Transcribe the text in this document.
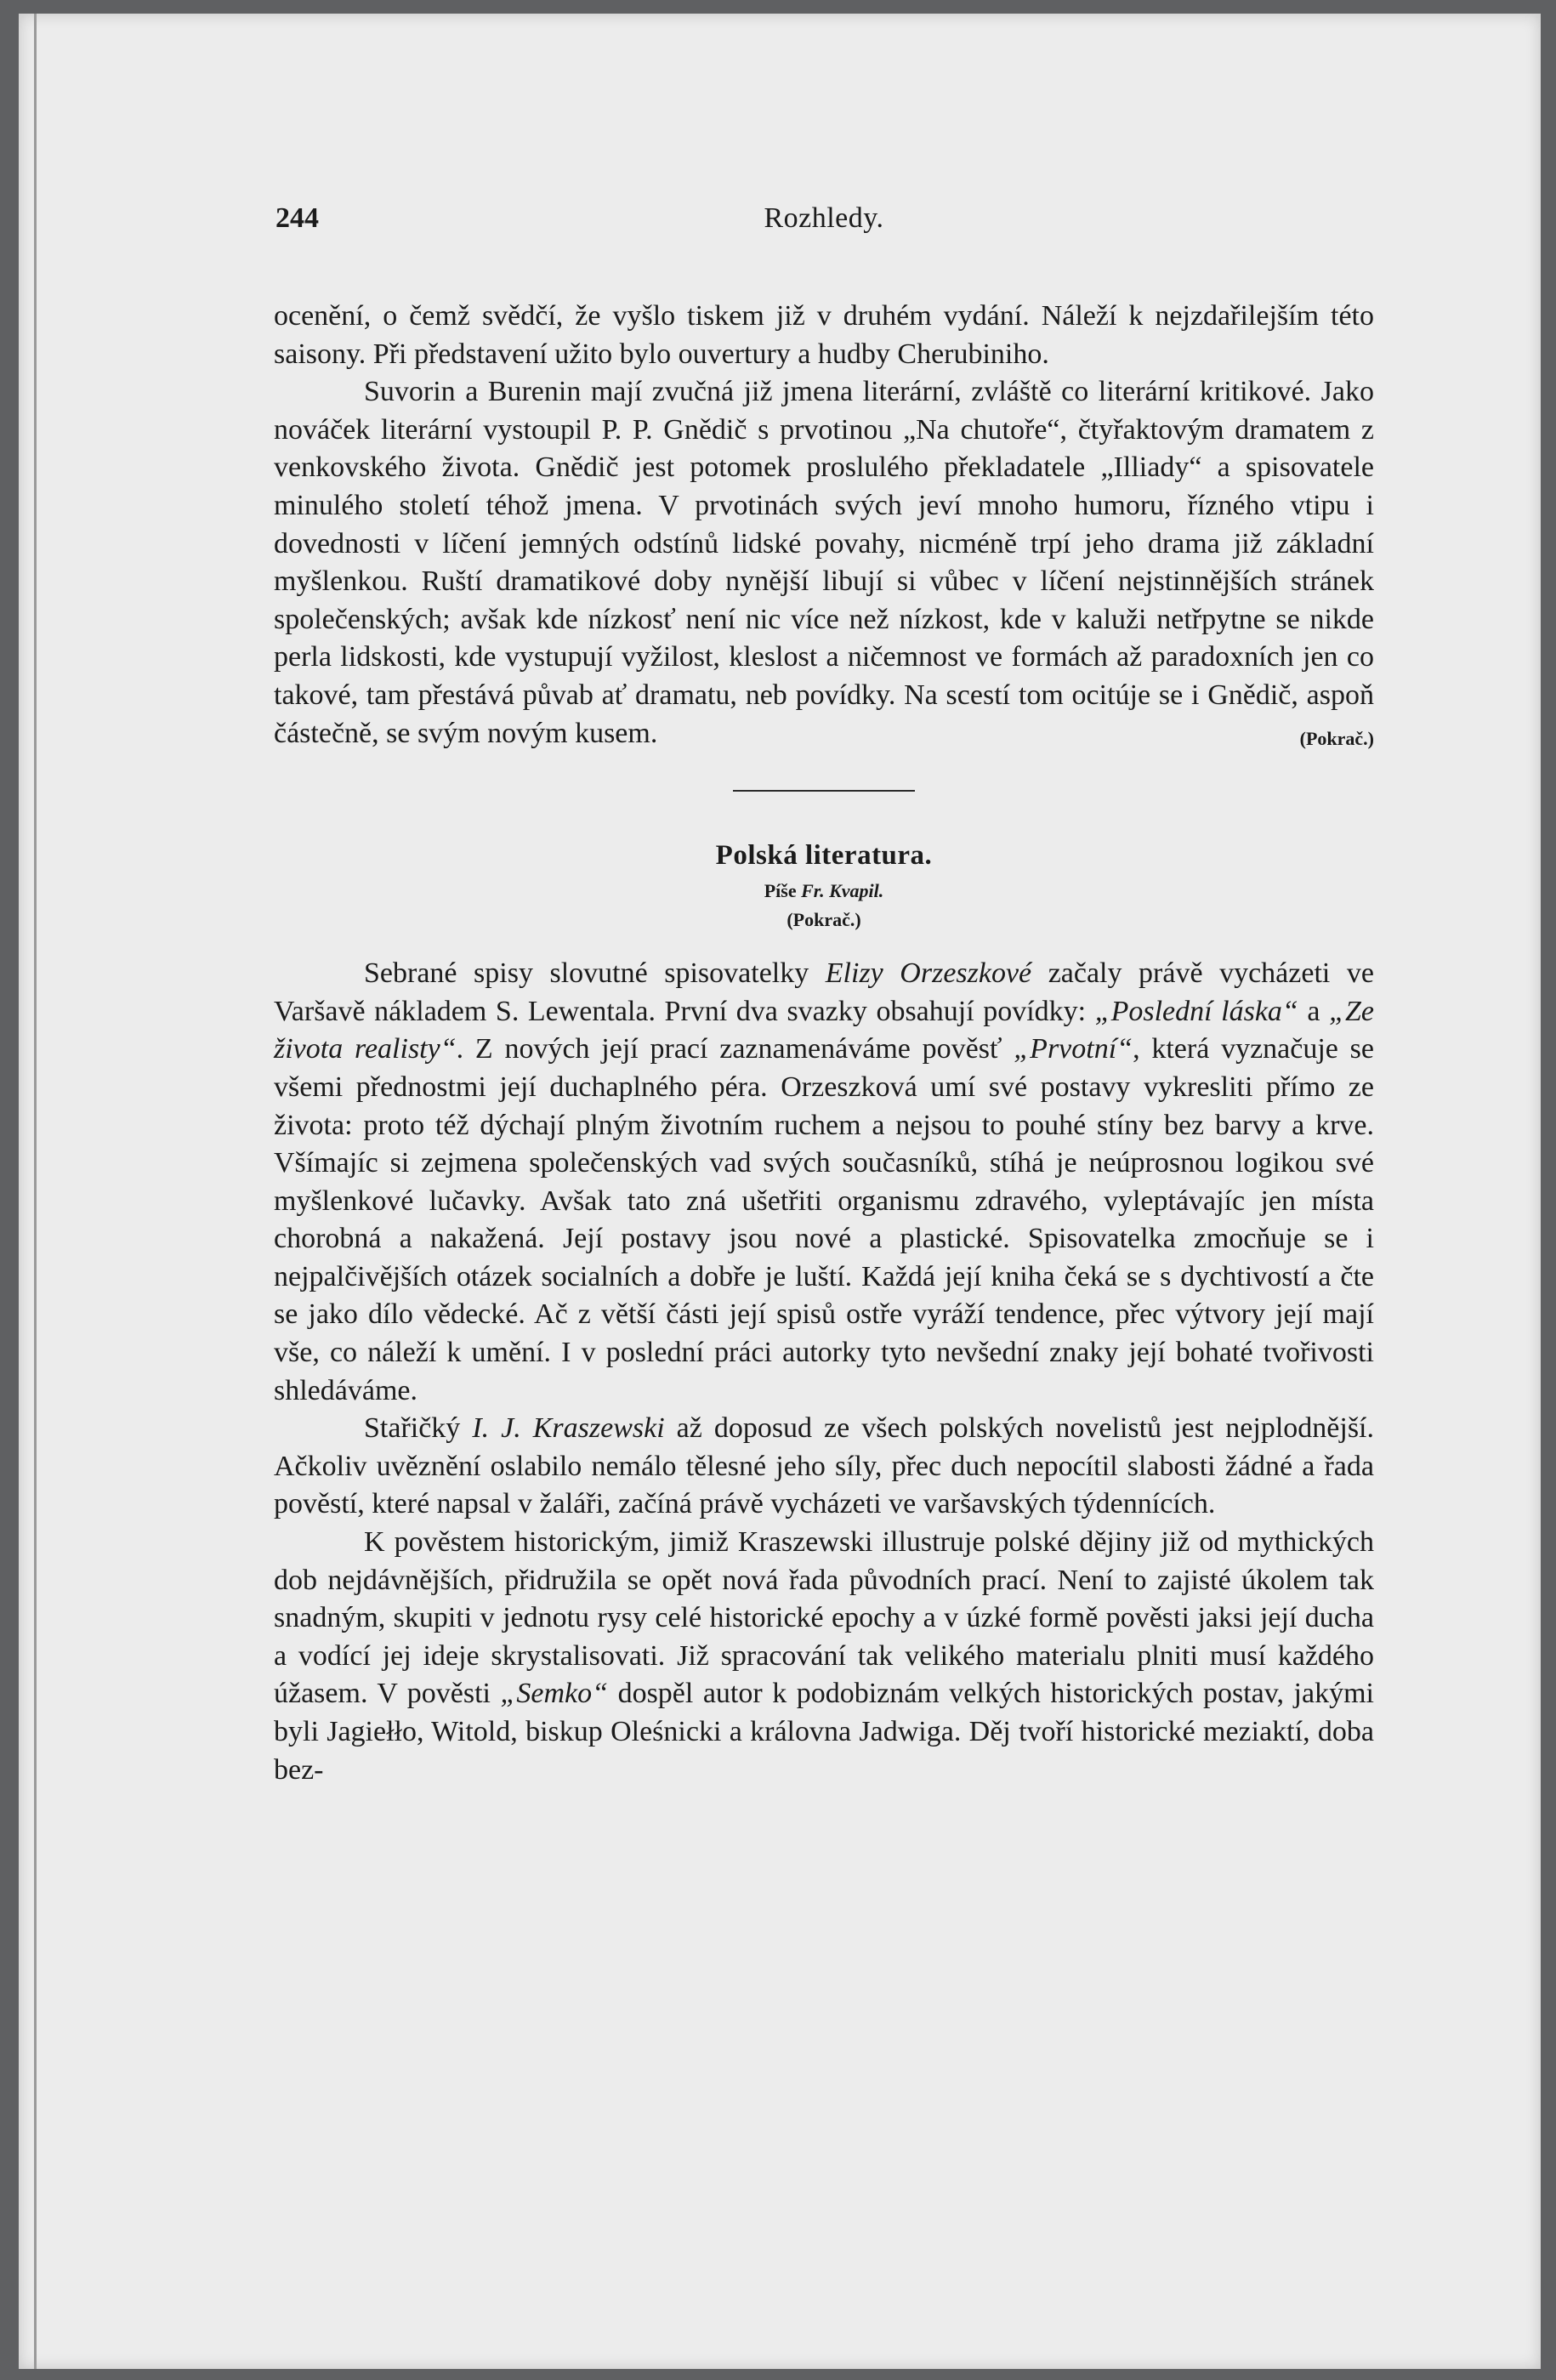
244	Rozhledy.

ocenění, o čemž svědčí, že vyšlo tiskem již v druhém vydání. Náleží k nejzdařilejším této saisony. Při představení užito bylo ouvertury a hudby Cherubiniho.

Suvorin a Burenin mají zvučná již jmena literární, zvláště co literární kritikové. Jako nováček literární vystoupil P. P. Gnědič s prvotinou „Na chutoře“, čtyřaktovým dramatem z venkovského života. Gnědič jest potomek proslulého překladatele „Illiady“ a spisovatele minulého století téhož jmena. V prvotinách svých jeví mnoho humoru, řízného vtipu i dovednosti v líčení jemných odstínů lidské povahy, nicméně trpí jeho drama již základní myšlenkou. Ruští dramatikové doby nynější libují si vůbec v líčení nejstinnějších stránek společenských; avšak kde nízkosť není nic více než nízkost, kde v kaluži netřpytne se nikde perla lidskosti, kde vystupují vyžilost, kleslost a ničemnost ve formách až paradoxních jen co takové, tam přestává půvab ať dramatu, neb povídky. Na scestí tom ocitúje se i Gnědič, aspoň částečně, se svým novým kusem.	(Pokrač.)

Polská literatura.
Píše Fr. Kvapil.
(Pokrač.)

Sebrané spisy slovutné spisovatelky Elizy Orzeszkové začaly právě vycházeti ve Varšavě nákladem S. Lewentala. První dva svazky obsahují povídky: „Poslední láska“ a „Ze života realisty“. Z nových její prací zaznamenáváme pověsť „Prvotní“, která vyznačuje se všemi přednostmi její duchaplného péra. Orzeszková umí své postavy vykresliti přímo ze života: proto též dýchají plným životním ruchem a nejsou to pouhé stíny bez barvy a krve. Všímajíc si zejmena společenských vad svých současníků, stíhá je neúprosnou logikou své myšlenkové lučavky. Avšak tato zná ušetřiti organismu zdravého, vyleptávajíc jen místa chorobná a nakažená. Její postavy jsou nové a plastické. Spisovatelka zmocňuje se i nejpalčivějších otázek socialních a dobře je luští. Každá její kniha čeká se s dychtivostí a čte se jako dílo vědecké. Ač z větší části její spisů ostře vyráží tendence, přec výtvory její mají vše, co náleží k umění. I v poslední práci autorky tyto nevšední znaky její bohaté tvořivosti shledáváme.

Stařičký I. J. Kraszewski až doposud ze všech polských novelistů jest nejplodnější. Ačkoliv uvěznění oslabilo nemálo tělesné jeho síly, přec duch nepocítil slabosti žádné a řada pověstí, které napsal v žaláři, začíná právě vycházeti ve varšavských týdennících.

K pověstem historickým, jimiž Kraszewski illustruje polské dějiny již od mythických dob nejdávnějších, přidružila se opět nová řada původních prací. Není to zajisté úkolem tak snadným, skupiti v jednotu rysy celé historické epochy a v úzké formě pověsti jaksi její ducha a vodící jej ideje skrystalisovati. Již spracování tak velikého materialu plniti musí každého úžasem. V pověsti „Semko“ dospěl autor k podobiznám velkých historických postav, jakými byli Jagiełło, Witold, biskup Oleśnicki a královna Jadwiga. Děj tvoří historické meziaktí, doba bez-
